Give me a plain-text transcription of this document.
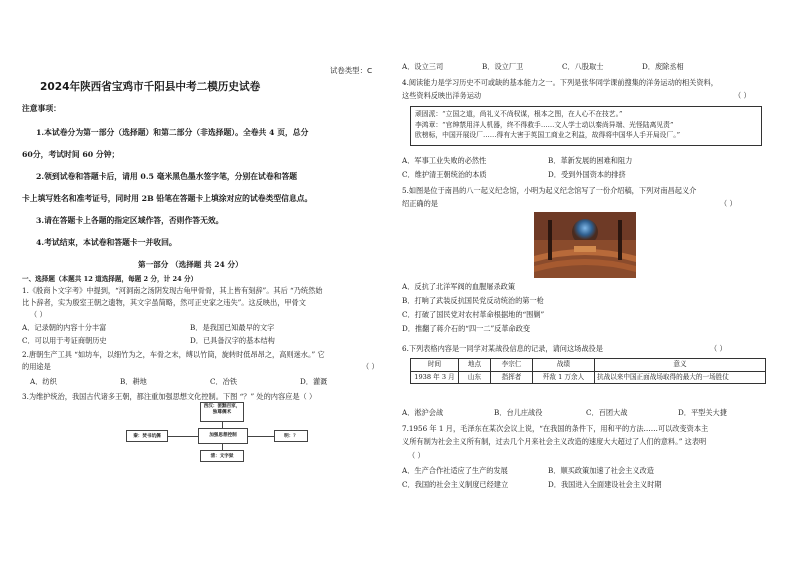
试卷类型：C
2024年陕西省宝鸡市千阳县中考二模历史试卷
注意事项：
1.本试卷分为第一部分（选择题）和第二部分（非选择题）。全卷共 4 页，总分
60分，考试时间 60 分钟；
2.领到试卷和答题卡后，请用 0.5 毫米黑色墨水签字笔，分别在试卷和答题
卡上填写姓名和准考证号，同时用 2B 铅笔在答题卡上填涂对应的试卷类型信息点。
3.请在答题卡上各题的指定区域作答，否则作答无效。
4.考试结束，本试卷和答题卡一并收回。
第一部分 （选择题 共 24 分）
一、选择题（本题共 12 道选择题，每题 2 分，计 24 分）
1.《殷商卜文字考》中提到，“河洞南之汤阴发现古龟甲骨骨，其上皆有刻辞”。其后 “乃统然始
比卜辞者，实为殷室王朝之遗物，其文字虽简略，然可正史家之违失”。这反映出，甲骨文
（ ）
A．记录朝的内容十分丰富	B．是我国已知最早的文字
C．可以用于考证商朝历史	D．已具备汉字的基本结构
2.唐朝生产工具 “如坊车，以细竹为之，车骨之末，缚以竹筒，旋转时低昂昂之，高则迷水。” 它
的用途是	（ ）
A．纺织	B．耕地	C．冶铁	D．灌溉
3.为维护统治，我国古代诸多王朝，都注重加强思想文化控制。下图 “？” 处的内容应是（ ）
西汉：罢黜百家，独尊儒术
加强思想控制
秦：焚书坑儒	明：？
清：文字狱
A．设立三司	B．设立厂卫	C．八股取士	D．废除丞相
4.阅读能力是学习历史不可或缺的基本能力之一。下列是张华同学课前搜集的洋务运动的相关资料，
这些资料反映出洋务运动	（ ）
顽固派：“立国之道，尚礼义不尚权谋，根本之图，在人心不在技艺。”
李鸿章：“官绅禁用洋人机器，终不得救手……文人学士动以秦尚异端、光怪陆离见责”
欧榜标，中国开展设厂……得有大害于英国工商业之利益，故得将中国华人手开局设厂。”
A．军事工业失败的必然性	B．革新发展的困难和阻力
C．维护清王朝统治的本质	D．受到外国资本的排挤
5.如图是位于南昌的八一起义纪念馆，小明为起义纪念馆写了一份介绍稿，下列对南昌起义介
绍正确的是	（ ）
A．反抗了北洋军阀的血腥屠杀政策
B．打响了武装反抗国民党反动统治的第一枪
C．打破了国民党对农村革命根据地的“围剿”
D．推翻了蒋介石的“四一二”反革命政变
6.下列表格内容是一同学对某战役信息的记录，请问这场战役是	（ ）
时间	地点	李宗仁	战绩	意义
1938 年 3 月	山东	指挥者	歼敌 1 万余人	抗战以来中国正面战场取得的最大的一场胜仗
A．淞沪会战	B．台儿庄战役	C．百团大战	D．平型关大捷
7.1956 年 1 月，毛泽东在某次会议上说，“在我国的条件下，用和平的方法……可以改变资本主
义所有制为社会主义所有制，过去几个月来社会主义改造的速度大大超过了人们的意料。” 这表明
（ ）
A．生产合作社适应了生产的发展	B．顺买政策加速了社会主义改造
C．我国的社会主义制度已经建立	D．我国进入全面建设社会主义时期
